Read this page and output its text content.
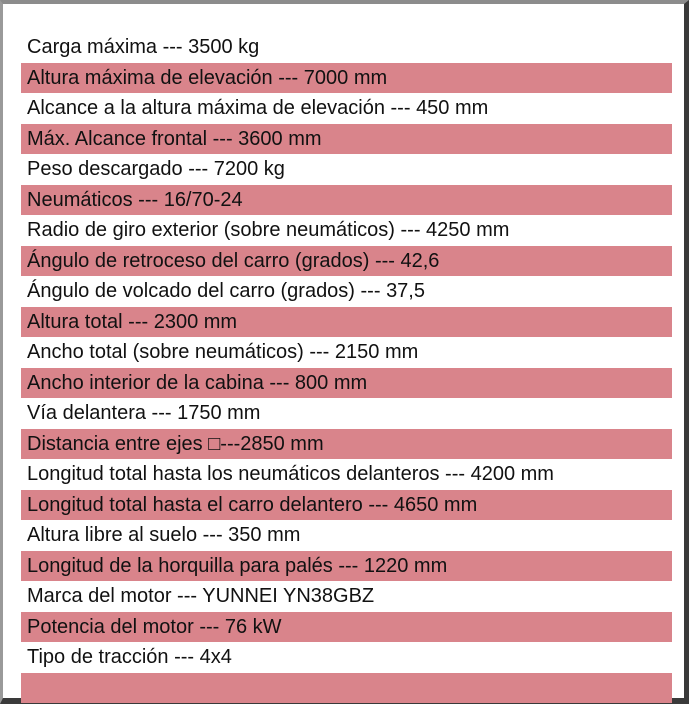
Carga máxima --- 3500 kg
Altura máxima de elevación --- 7000 mm
Alcance a la altura máxima de elevación --- 450 mm
Máx. Alcance frontal --- 3600 mm
Peso descargado --- 7200 kg
Neumáticos --- 16/70-24
Radio de giro exterior (sobre neumáticos) --- 4250 mm
Ángulo de retroceso del carro (grados) --- 42,6
Ángulo de volcado del carro (grados) --- 37,5
Altura total --- 2300 mm
Ancho total (sobre neumáticos) --- 2150 mm
Ancho interior de la cabina --- 800 mm
Vía delantera --- 1750 mm
Distancia entre ejes □---2850 mm
Longitud total hasta los neumáticos delanteros --- 4200 mm
Longitud total hasta el carro delantero --- 4650 mm
Altura libre al suelo --- 350 mm
Longitud de la horquilla para palés --- 1220 mm
Marca del motor --- YUNNEI YN38GBZ
Potencia del motor --- 76 kW
Tipo de tracción --- 4x4
